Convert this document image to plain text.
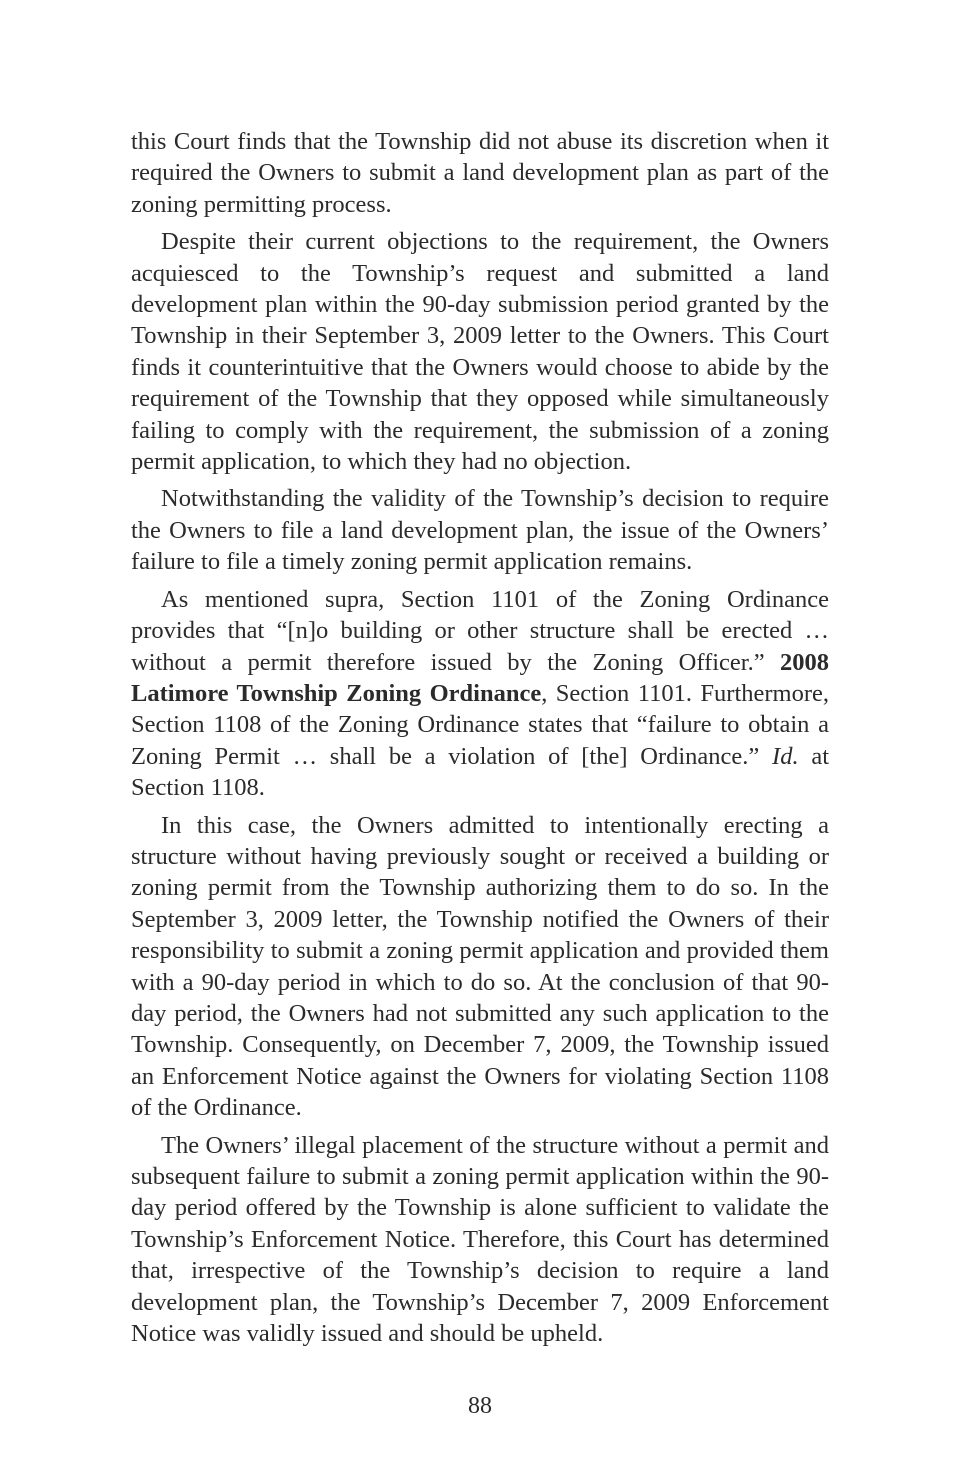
this Court finds that the Township did not abuse its discretion when it required the Owners to submit a land development plan as part of the zoning permitting process.

Despite their current objections to the requirement, the Owners acquiesced to the Township’s request and submitted a land development plan within the 90-day submission period granted by the Township in their September 3, 2009 letter to the Owners. This Court finds it counterintuitive that the Owners would choose to abide by the requirement of the Township that they opposed while simultaneously failing to comply with the requirement, the submission of a zoning permit application, to which they had no objection.

Notwithstanding the validity of the Township’s decision to require the Owners to file a land development plan, the issue of the Owners’ failure to file a timely zoning permit application remains.

As mentioned supra, Section 1101 of the Zoning Ordinance provides that “[n]o building or other structure shall be erected … without a permit therefore issued by the Zoning Officer.” 2008 Latimore Township Zoning Ordinance, Section 1101. Furthermore, Section 1108 of the Zoning Ordinance states that “failure to obtain a Zoning Permit … shall be a violation of [the] Ordinance.” Id. at Section 1108.

In this case, the Owners admitted to intentionally erecting a structure without having previously sought or received a building or zoning permit from the Township authorizing them to do so. In the September 3, 2009 letter, the Township notified the Owners of their responsibility to submit a zoning permit application and provided them with a 90-day period in which to do so. At the conclusion of that 90-day period, the Owners had not submitted any such application to the Township. Consequently, on December 7, 2009, the Township issued an Enforcement Notice against the Owners for violating Section 1108 of the Ordinance.

The Owners’ illegal placement of the structure without a permit and subsequent failure to submit a zoning permit application within the 90-day period offered by the Township is alone sufficient to validate the Township’s Enforcement Notice. Therefore, this Court has determined that, irrespective of the Township’s decision to require a land development plan, the Township’s December 7, 2009 Enforcement Notice was validly issued and should be upheld.

88
